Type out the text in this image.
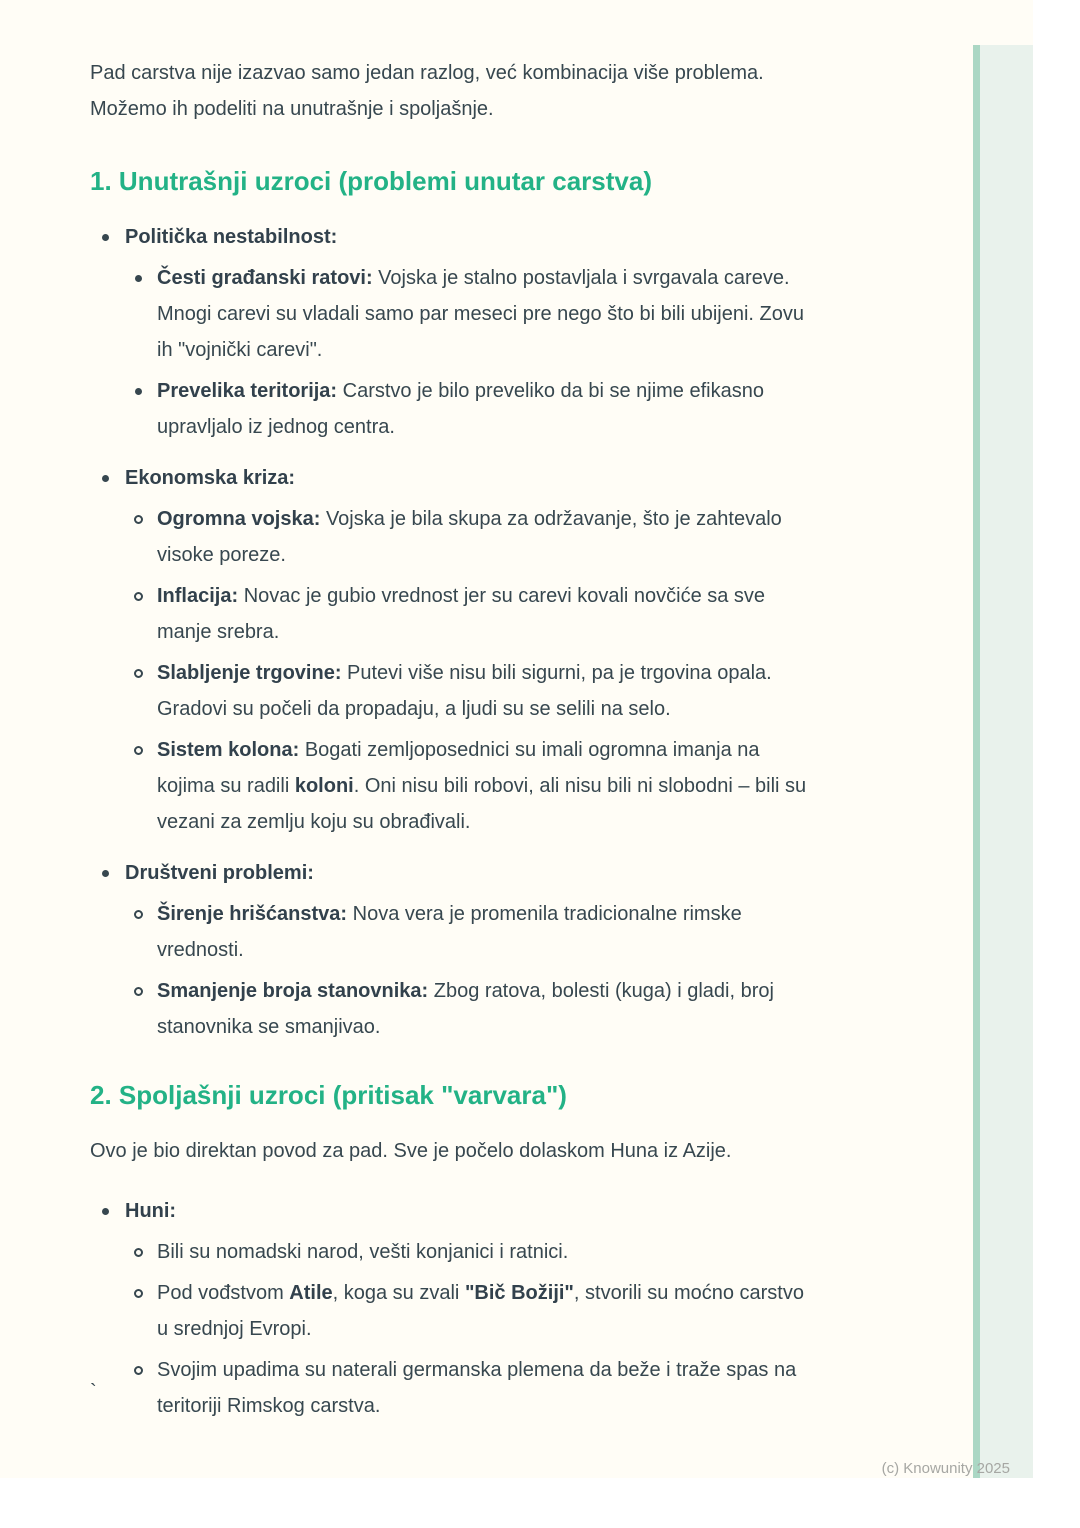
Pad carstva nije izazvao samo jedan razlog, već kombinacija više problema. Možemo ih podeliti na unutrašnje i spoljašnje.

1. Unutrašnji uzroci (problemi unutar carstva)
Politička nestabilnost:
Česti građanski ratovi: Vojska je stalno postavljala i svrgavala careve. Mnogi carevi su vladali samo par meseci pre nego što bi bili ubijeni. Zovu ih "vojnički carevi".
Prevelika teritorija: Carstvo je bilo preveliko da bi se njime efikasno upravljalo iz jednog centra.
Ekonomska kriza:
Ogromna vojska: Vojska je bila skupa za održavanje, što je zahtevalo visoke poreze.
Inflacija: Novac je gubio vrednost jer su carevi kovali novčiće sa sve manje srebra.
Slabljenje trgovine: Putevi više nisu bili sigurni, pa je trgovina opala. Gradovi su počeli da propadaju, a ljudi su se selili na selo.
Sistem kolona: Bogati zemljoposednici su imali ogromna imanja na kojima su radili koloni. Oni nisu bili robovi, ali nisu bili ni slobodni – bili su vezani za zemlju koju su obrađivali.
Društveni problemi:
Širenje hrišćanstva: Nova vera je promenila tradicionalne rimske vrednosti.
Smanjenje broja stanovnika: Zbog ratova, bolesti (kuga) i gladi, broj stanovnika se smanjivao.
2. Spoljašnji uzroci (pritisak "varvara")

Ovo je bio direktan povod za pad. Sve je počelo dolaskom Huna iz Azije.

Huni:
Bili su nomadski narod, vešti konjanici i ratnici.
Pod vođstvom Atile, koga su zvali "Bič Božiji", stvorili su moćno carstvo u srednjoj Evropi.
Svojim upadima su naterali germanska plemena da beže i traže spas na teritoriji Rimskog carstva.
`
(c) Knowunity 2025
